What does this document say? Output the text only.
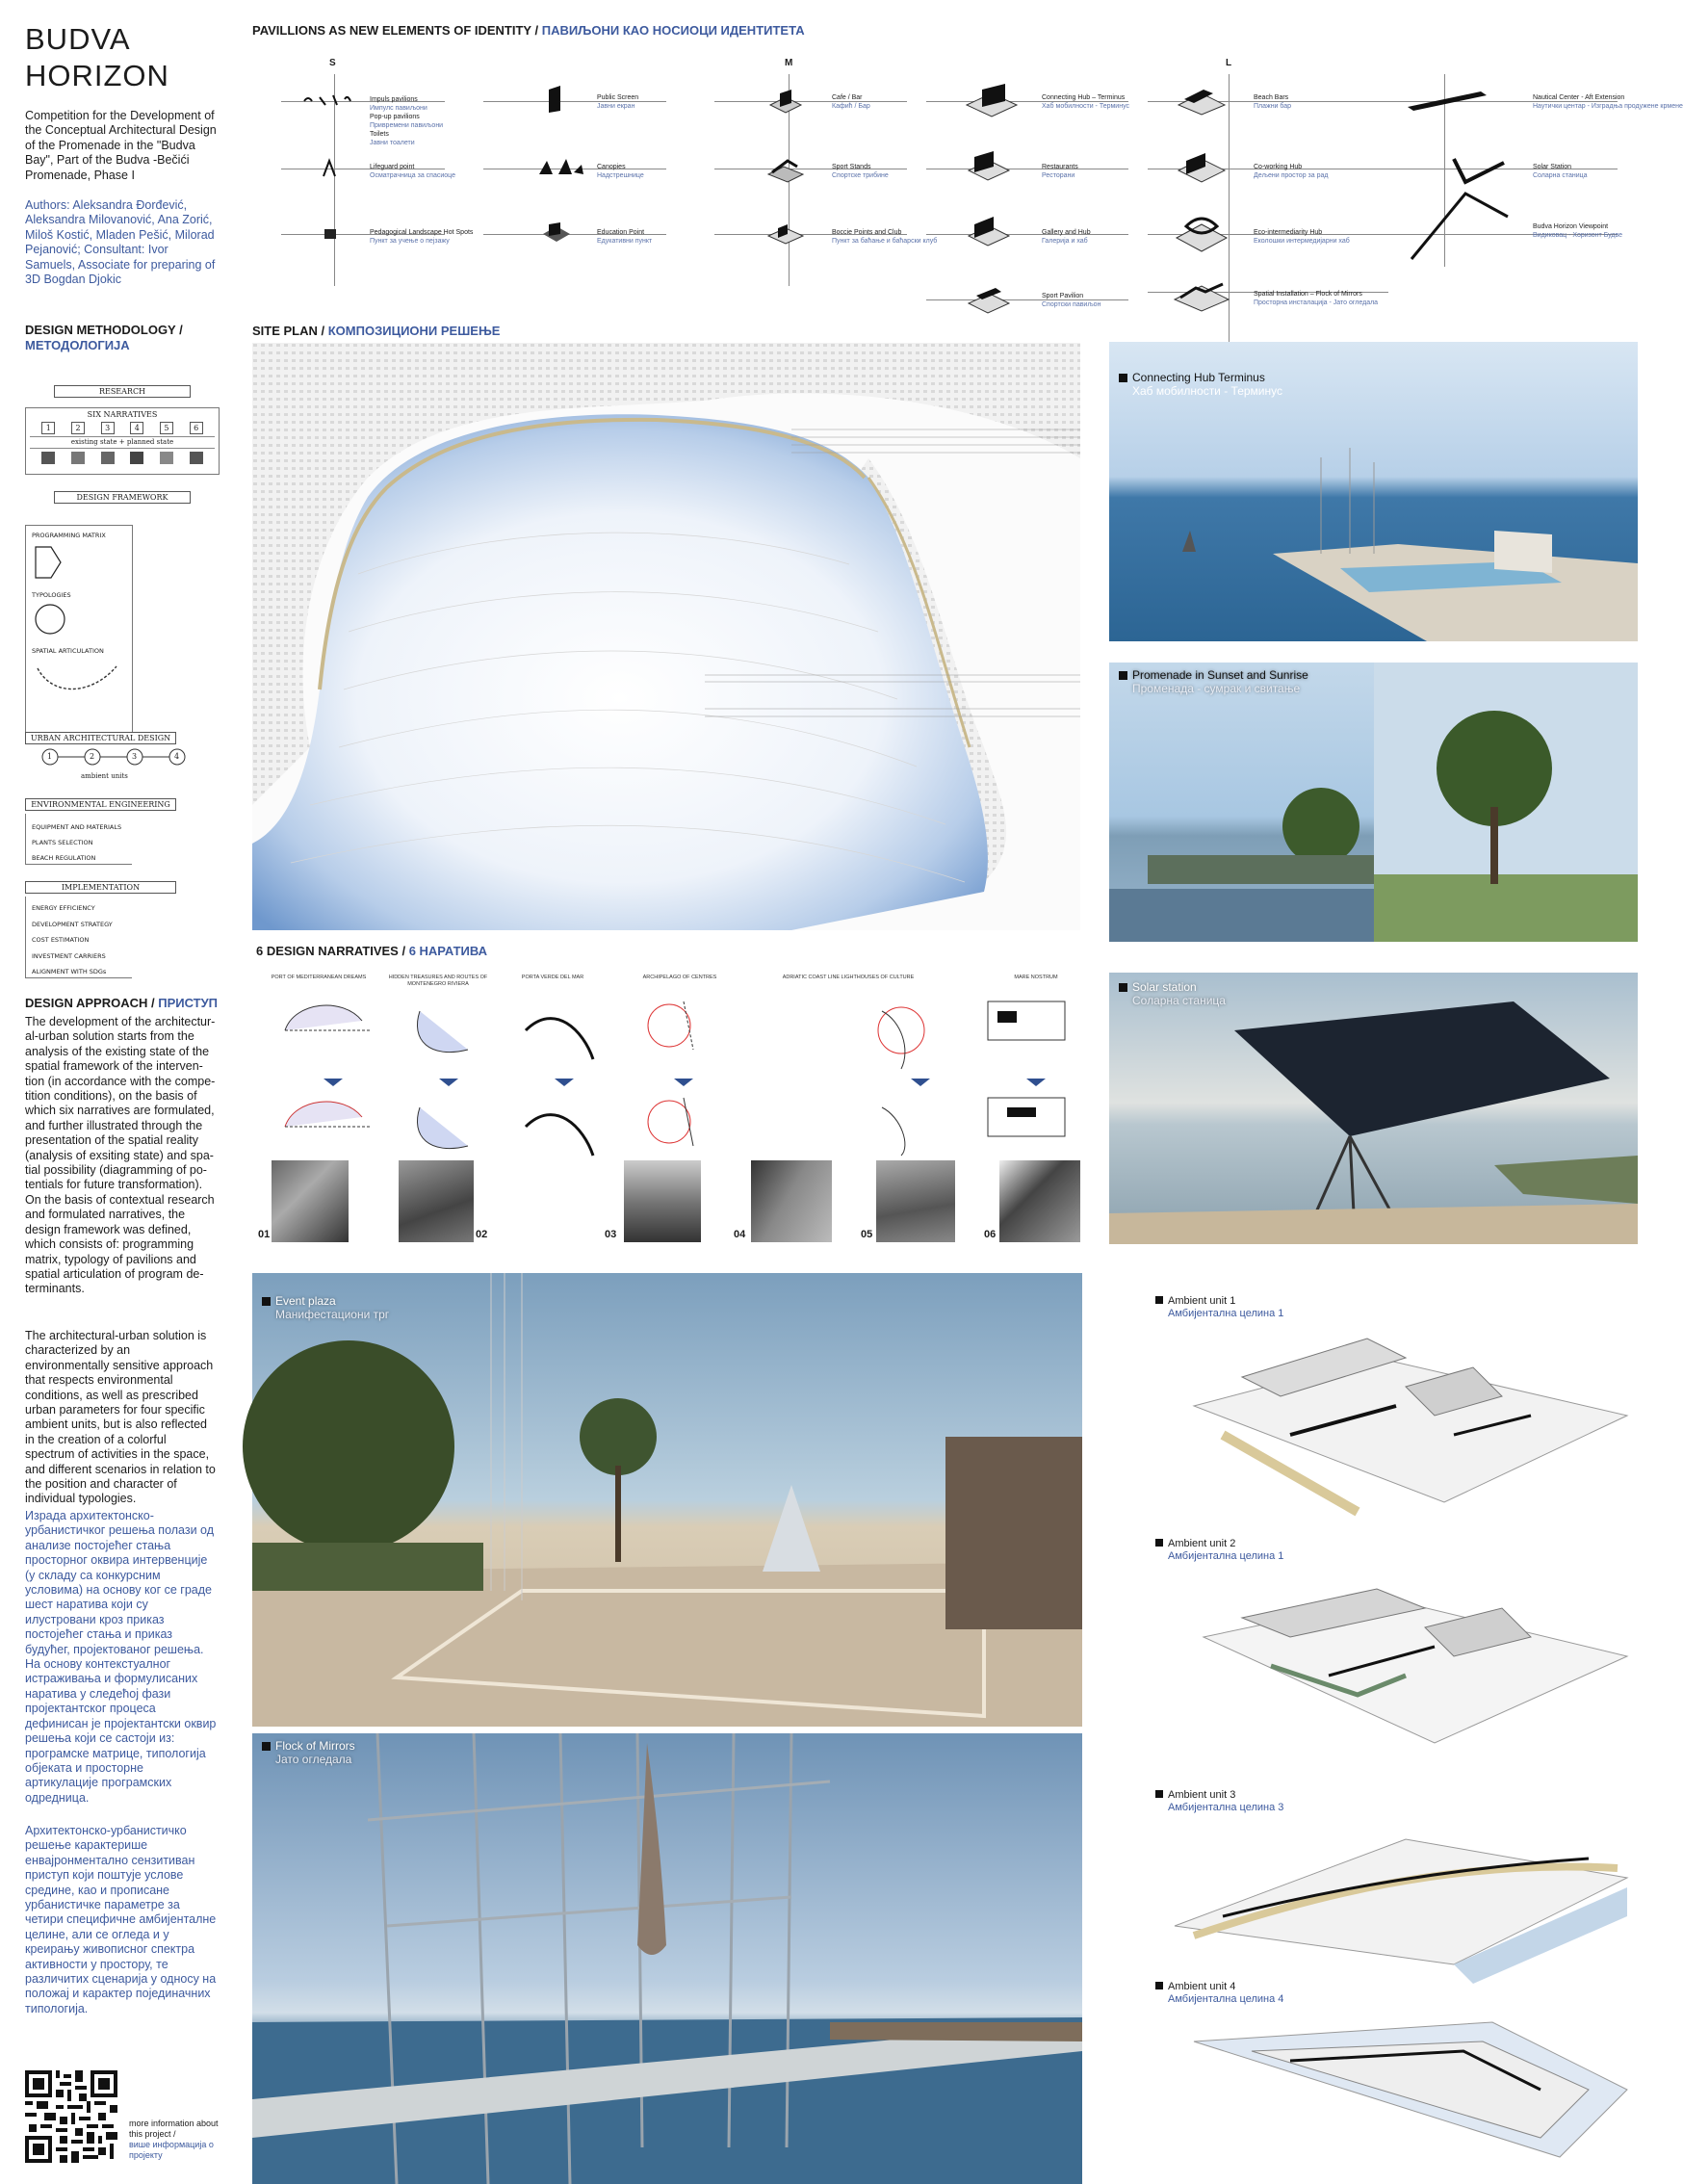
BUDVA
HORIZON
Competition for the Development of the Conceptual Architectural Design of the Promenade in the "Budva Bay", Part of the Budva -Bečići Promenade, Phase I
Authors: Aleksandra Đorđević, Aleksandra Milovanović, Ana Zorić, Miloš Kostić, Mladen Pešić, Milorad Pejanović; Consultant: Ivor Samuels, Associate for preparing of 3D Bogdan Djokic
DESIGN METHODOLOGY /
МЕТОДОЛОГИЈА
RESEARCH
SIX NARRATIVES
1	2	3	4	5	6
existing state + planned state
DESIGN FRAMEWORK
PROGRAMMING MATRIX
TYPOLOGIES
SPATIAL ARTICULATION
URBAN ARCHITECTURAL DESIGN
1	2	3	4
ambient units
ENVIRONMENTAL ENGINEERING
EQUIPMENT AND MATERIALS
PLANTS SELECTION
BEACH REGULATION
IMPLEMENTATION
ENERGY EFFICIENCY
DEVELOPMENT STRATEGY
COST ESTIMATION
INVESTMENT CARRIERS
ALIGNMENT WITH SDGs
DESIGN APPROACH / ПРИСТУП
The development of the architectur-al-urban solution starts from the analysis of the existing state of the spatial framework of the interven-tion (in accordance with the compe-tition conditions), on the basis of which six narratives are formulated, and further illustrated through the presentation of the spatial reality (analysis of exsiting state) and spa-tial possibility (diagramming of po-tentials for future transformation). On the basis of contextual research and formulated narratives, the design framework was defined, which consists of: programming matrix, typology of pavilions and spatial articulation of program de-terminants.
The architectural-urban solution is characterized by an environmentally sensitive approach that respects environmental conditions, as well as prescribed urban parameters for four specific ambient units, but is also reflected in the creation of a colorful spectrum of activities in the space, and different scenarios in relation to the position and character of individual typologies.
Израда архитектонско-урбанистичког решења полази од анализе постојећег стања просторног оквира интервенције (у складу са конкурсним условима) на основу ког се граде шест наратива који су илустровани кроз приказ постојећег стања и приказ будућег, пројектованог решења. На основу контекстуалног истраживања и формулисаних наратива у следећој фази пројектантског процеса дефинисан је пројектантски оквир решења који се састоји из: програмске матрице, типологија објеката и просторне артикулације програмских одредница.
Архитектонско-урбанистичко решење карактерише енвајронментално сензитиван приступ који поштује услове средине, као и прописане урбанистичке параметре за четири специфичне амбијенталне целине, али се огледа и у креирању живописног спектра активности у простору, те различитих сценарија у односу на положај и карактер појединачних типологија.
more information about this project /
више информација о пројекту
PAVILLIONS AS NEW ELEMENTS OF IDENTITY / ПАВИЉОНИ КАО НОСИОЦИ ИДЕНТИТЕТА
S	M	L
Impuls pavilions
Импулс павиљони
Pop-up pavilions
Привремени павиљони
Toilets
Јавни тоалети
Lifeguard point
Осматрачница за спасиоце
Pedagogical Landscape Hot Spots
Пункт за учење о пејзажу
Public Screen
Јавни екран
Canopies
Надстрешнице
Education Point
Едукативни пункт
Cafe / Bar
Кафић / Бар
Sport Stands
Спортске трибине
Boccie Points and Club
Пункт за баћање и баћарски клуб
Connecting Hub – Terminus
Хаб мобилности - Терминус
Restaurants
Ресторани
Gallery and Hub
Галерија и хаб
Sport Pavilion
Спортски павиљон
Beach Bars
Плажни бар
Co-working Hub
Дељени простор за рад
Eco-intermediarity Hub
Еколошки интермедијарни хаб
Spatial Installation – Flock of Mirrors
Просторна инсталација - Јато огледала
Nautical Center - Aft Extension
Наутички центар - Изградња продужене крмене
Solar Station
Соларна станица
Budva Horizon Viewpoint
Видиковац - Хоризонт Будве
SITE PLAN / КОМПОЗИЦИОНИ РЕШЕЊЕ
6 DESIGN NARRATIVES / 6 НАРАТИВА
PORT OF MEDITERRANEAN DREAMS
01
HIDDEN TREASURES AND ROUTES OF MONTENEGRO RIVIERA
02
PORTA VERDE DEL MAR
03
ARCHIPELAGO OF CENTRES
04
ADRIATIC COAST LINE LIGHTHOUSES OF CULTURE
05
MARE NOSTRUM
06
Connecting Hub Terminus
Хаб мобилности - Терминус
Promenade in Sunset and Sunrise
Променада - сумрак и свитање
Solar station
Соларна станица
Event plaza
Манифестациони трг
Flock of Mirrors
Јато огледала
Ambient unit 1
Амбијентална целина 1
Ambient unit 2
Амбијентална целина 1
Ambient unit 3
Амбијентална целина 3
Ambient unit 4
Амбијентална целина 4
